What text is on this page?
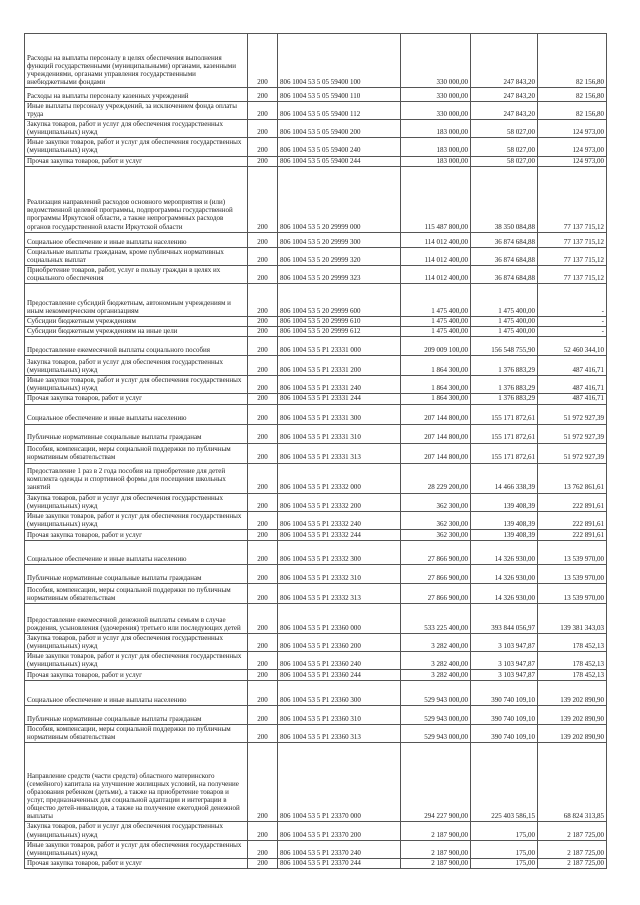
Расходы на выплаты персоналу в целях обеспечения выполнения функций государственными (муниципальными) органами, казенными учреждениями, органами управления государственными внебюджетными фондами	200	806 1004 53 5 05 59400 100	330 000,00	247 843,20	82 156,80
Расходы на выплаты персоналу казенных учреждений	200	806 1004 53 5 05 59400 110	330 000,00	247 843,20	82 156,80
Иные выплаты персоналу учреждений, за исключением фонда оплаты труда	200	806 1004 53 5 05 59400 112	330 000,00	247 843,20	82 156,80
Закупка товаров, работ и услуг для обеспечения государственных (муниципальных) нужд	200	806 1004 53 5 05 59400 200	183 000,00	58 027,00	124 973,00
Иные закупки товаров, работ и услуг для обеспечения государственных (муниципальных) нужд	200	806 1004 53 5 05 59400 240	183 000,00	58 027,00	124 973,00
Прочая закупка товаров, работ и услуг	200	806 1004 53 5 05 59400 244	183 000,00	58 027,00	124 973,00
Реализация направлений расходов основного мероприятия и (или) ведомственной целевой программы, подпрограммы государственной программы Иркутской области, а также непрограммных расходов органов государственной власти Иркутской области	200	806 1004 53 5 20 29999 000	115 487 800,00	38 350 084,88	77 137 715,12
Социальное обеспечение и иные выплаты населению	200	806 1004 53 5 20 29999 300	114 012 400,00	36 874 684,88	77 137 715,12
Социальные выплаты гражданам, кроме публичных нормативных социальных выплат	200	806 1004 53 5 20 29999 320	114 012 400,00	36 874 684,88	77 137 715,12
Приобретение товаров, работ, услуг в пользу граждан в целях их социального обеспечения	200	806 1004 53 5 20 29999 323	114 012 400,00	36 874 684,88	77 137 715,12
Предоставление субсидий бюджетным, автономным учреждениям и иным некоммерческим организациям	200	806 1004 53 5 20 29999 600	1 475 400,00	1 475 400,00	-
Субсидии бюджетным учреждениям	200	806 1004 53 5 20 29999 610	1 475 400,00	1 475 400,00	-
Субсидии бюджетным учреждениям на иные цели	200	806 1004 53 5 20 29999 612	1 475 400,00	1 475 400,00	-
Предоставление ежемесячной выплаты социального пособия	200	806 1004 53 5 P1 23331 000	209 009 100,00	156 548 755,90	52 460 344,10
Закупка товаров, работ и услуг для обеспечения государственных (муниципальных) нужд	200	806 1004 53 5 P1 23331 200	1 864 300,00	1 376 883,29	487 416,71
Иные закупки товаров, работ и услуг для обеспечения государственных (муниципальных) нужд	200	806 1004 53 5 P1 23331 240	1 864 300,00	1 376 883,29	487 416,71
Прочая закупка товаров, работ и услуг	200	806 1004 53 5 P1 23331 244	1 864 300,00	1 376 883,29	487 416,71
Социальное обеспечение и иные выплаты населению	200	806 1004 53 5 P1 23331 300	207 144 800,00	155 171 872,61	51 972 927,39
Публичные нормативные социальные выплаты гражданам	200	806 1004 53 5 P1 23331 310	207 144 800,00	155 171 872,61	51 972 927,39
Пособия, компенсации, меры социальной поддержки по публичным нормативным обязательствам	200	806 1004 53 5 P1 23331 313	207 144 800,00	155 171 872,61	51 972 927,39
Предоставление 1 раз в 2 года пособия на приобретение для детей комплекта одежды и спортивной формы для посещения школьных занятий	200	806 1004 53 5 P1 23332 000	28 229 200,00	14 466 338,39	13 762 861,61
Закупка товаров, работ и услуг для обеспечения государственных (муниципальных) нужд	200	806 1004 53 5 P1 23332 200	362 300,00	139 408,39	222 891,61
Иные закупки товаров, работ и услуг для обеспечения государственных (муниципальных) нужд	200	806 1004 53 5 P1 23332 240	362 300,00	139 408,39	222 891,61
Прочая закупка товаров, работ и услуг	200	806 1004 53 5 P1 23332 244	362 300,00	139 408,39	222 891,61
Социальное обеспечение и иные выплаты населению	200	806 1004 53 5 P1 23332 300	27 866 900,00	14 326 930,00	13 539 970,00
Публичные нормативные социальные выплаты гражданам	200	806 1004 53 5 P1 23332 310	27 866 900,00	14 326 930,00	13 539 970,00
Пособия, компенсации, меры социальной поддержки по публичным нормативным обязательствам	200	806 1004 53 5 P1 23332 313	27 866 900,00	14 326 930,00	13 539 970,00
Предоставление ежемесячной денежной выплаты семьям в случае рождения, усыновления (удочерения) третьего или последующих детей	200	806 1004 53 5 P1 23360 000	533 225 400,00	393 844 056,97	139 381 343,03
Закупка товаров, работ и услуг для обеспечения государственных (муниципальных) нужд	200	806 1004 53 5 P1 23360 200	3 282 400,00	3 103 947,87	178 452,13
Иные закупки товаров, работ и услуг для обеспечения государственных (муниципальных) нужд	200	806 1004 53 5 P1 23360 240	3 282 400,00	3 103 947,87	178 452,13
Прочая закупка товаров, работ и услуг	200	806 1004 53 5 P1 23360 244	3 282 400,00	3 103 947,87	178 452,13
Социальное обеспечение и иные выплаты населению	200	806 1004 53 5 P1 23360 300	529 943 000,00	390 740 109,10	139 202 890,90
Публичные нормативные социальные выплаты гражданам	200	806 1004 53 5 P1 23360 310	529 943 000,00	390 740 109,10	139 202 890,90
Пособия, компенсации, меры социальной поддержки по публичным нормативным обязательствам	200	806 1004 53 5 P1 23360 313	529 943 000,00	390 740 109,10	139 202 890,90
Направление средств (части средств) областного материнского (семейного) капитала на улучшение жилищных условий, на получение образования ребенком (детьми), а также на приобретение товаров и услуг, предназначенных для социальной адаптации и интеграции в общество детей-инвалидов, а также на получение ежегодной денежной выплаты	200	806 1004 53 5 P1 23370 000	294 227 900,00	225 403 586,15	68 824 313,85
Закупка товаров, работ и услуг для обеспечения государственных (муниципальных) нужд	200	806 1004 53 5 P1 23370 200	2 187 900,00	175,00	2 187 725,00
Иные закупки товаров, работ и услуг для обеспечения государственных (муниципальных) нужд	200	806 1004 53 5 P1 23370 240	2 187 900,00	175,00	2 187 725,00
Прочая закупка товаров, работ и услуг	200	806 1004 53 5 P1 23370 244	2 187 900,00	175,00	2 187 725,00
